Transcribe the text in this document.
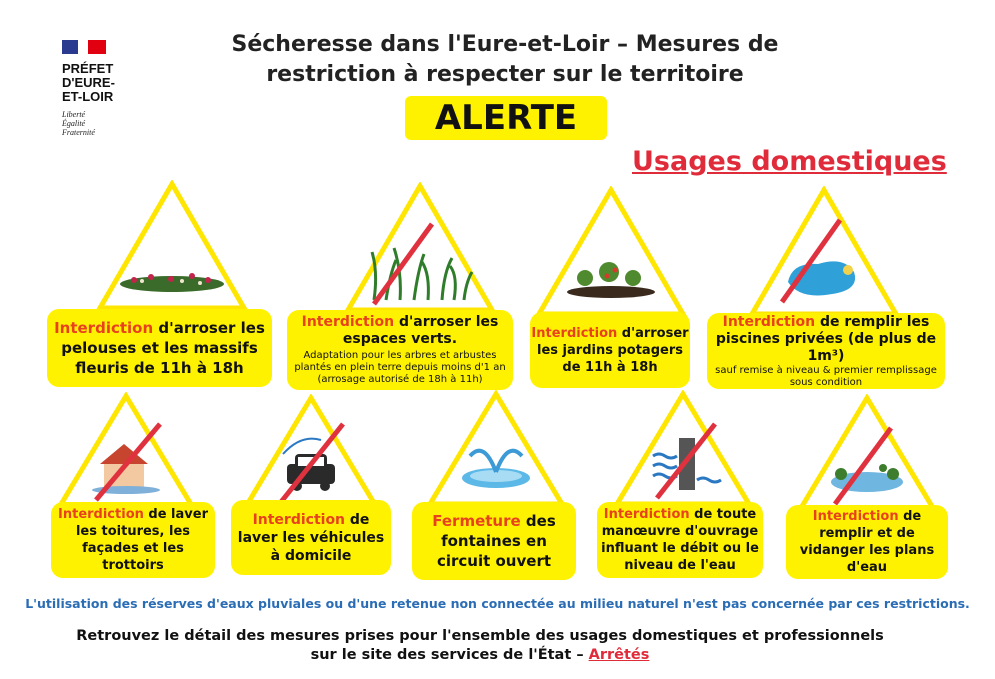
PRÉFET
D'EURE-
ET-LOIR
Liberté
Égalité
Fraternité
Sécheresse dans l'Eure-et-Loir – Mesures de
restriction à respecter sur le territoire
ALERTE
Usages domestiques
Interdiction d'arroser les pelouses et les massifs fleuris de 11h à 18h
Interdiction d'arroser les espaces verts.
Adaptation pour les arbres et arbustes plantés en plein terre depuis moins d'1 an (arrosage autorisé de 18h à 11h)
Interdiction d'arroser les jardins potagers de 11h à 18h
Interdiction de remplir les piscines privées (de plus de 1m³)
sauf remise à niveau & premier remplissage sous condition
Interdiction de laver les toitures, les façades et les trottoirs
Interdiction de laver les véhicules à domicile
Fermeture des fontaines en circuit ouvert
Interdiction de toute manœuvre d'ouvrage influant le débit ou le niveau de l'eau
Interdiction de remplir et de vidanger les plans d'eau
L'utilisation des réserves d'eaux pluviales ou d'une retenue non connectée au milieu naturel n'est pas concernée par ces restrictions.
Retrouvez le détail des mesures prises pour l'ensemble des usages domestiques et professionnels
sur le site des services de l'État – Arrêtés
